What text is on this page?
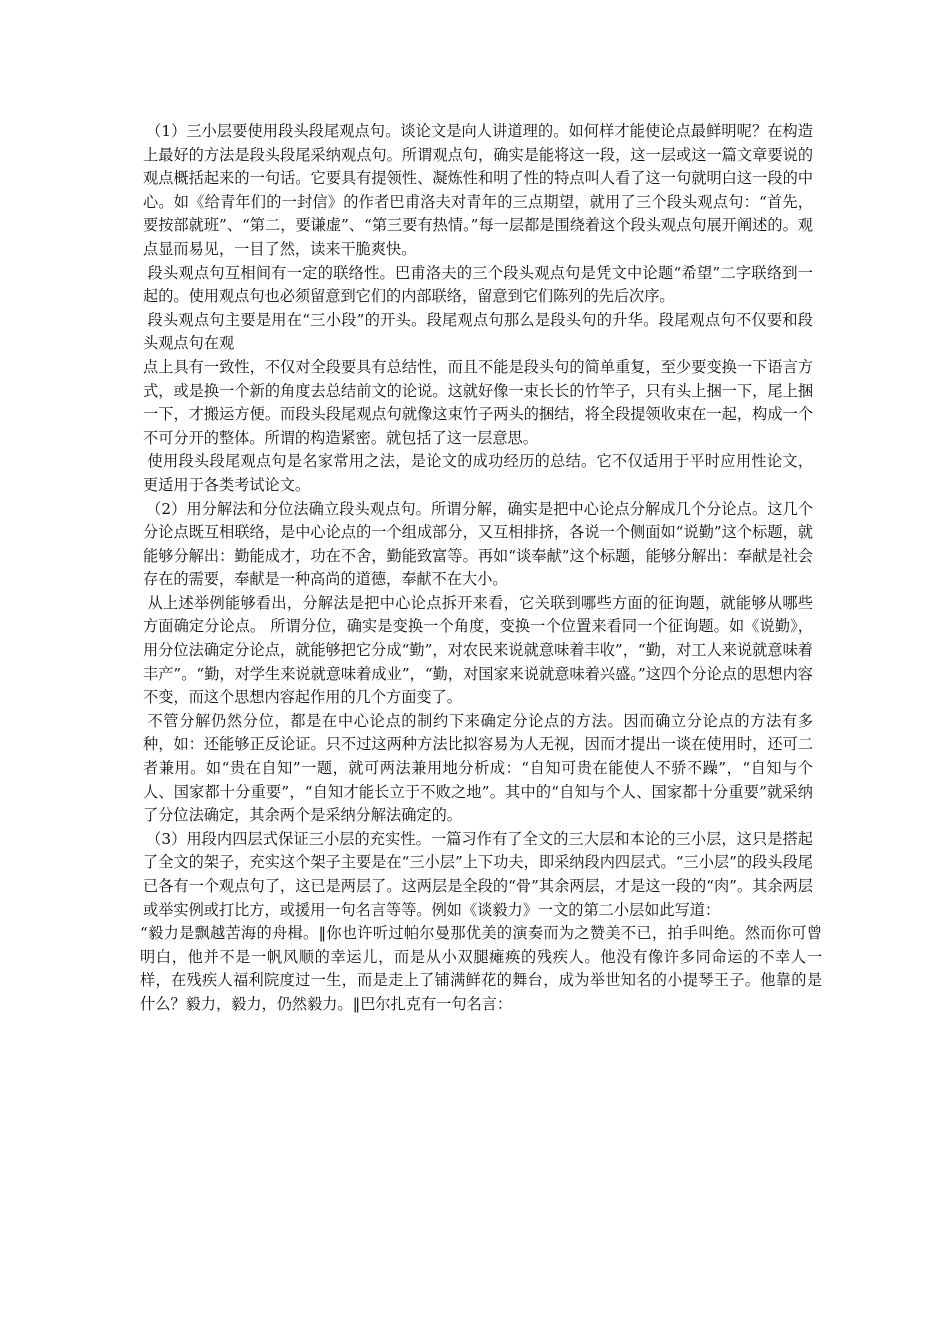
（1）三小层要使用段头段尾观点句。谈论文是向人讲道理的。如何样才能使论点最鲜明呢？在构造上最好的方法是段头段尾采纳观点句。所谓观点句，确实是能将这一段，这一层或这一篇文章要说的观点概括起来的一句话。它要具有提领性、凝炼性和明了性的特点叫人看了这一句就明白这一段的中心。如《给青年们的一封信》的作者巴甫洛夫对青年的三点期望，就用了三个段头观点句：“首先，要按部就班”、“第二，要谦虚”、“第三要有热情。”每一层都是围绕着这个段头观点句展开阐述的。观点显而易见，一目了然，读来干脆爽快。

段头观点句互相间有一定的联络性。巴甫洛夫的三个段头观点句是凭文中论题“希望”二字联络到一起的。使用观点句也必须留意到它们的内部联络，留意到它们陈列的先后次序。

段头观点句主要是用在“三小段”的开头。段尾观点句那么是段头句的升华。段尾观点句不仅要和段头观点句在观

点上具有一致性，不仅对全段要具有总结性，而且不能是段头句的简单重复，至少要变换一下语言方式，或是换一个新的角度去总结前文的论说。这就好像一束长长的竹竿子，只有头上捆一下，尾上捆一下，才搬运方便。而段头段尾观点句就像这束竹子两头的捆结，将全段提领收束在一起，构成一个不可分开的整体。所谓的构造紧密。就包括了这一层意思。

使用段头段尾观点句是名家常用之法，是论文的成功经历的总结。它不仅适用于平时应用性论文，更适用于各类考试论文。

（2）用分解法和分位法确立段头观点句。所谓分解，确实是把中心论点分解成几个分论点。这几个分论点既互相联络，是中心论点的一个组成部分，又互相排挤，各说一个侧面如“说勤”这个标题，就能够分解出：勤能成才，功在不舍，勤能致富等。再如“谈奉献”这个标题，能够分解出：奉献是社会存在的需要，奉献是一种高尚的道德，奉献不在大小。

从上述举例能够看出，分解法是把中心论点拆开来看，它关联到哪些方面的征询题，就能够从哪些方面确定分论点。 所谓分位，确实是变换一个角度，变换一个位置来看同一个征询题。如《说勤》，用分位法确定分论点，就能够把它分成“勤”，对农民来说就意味着丰收”，“勤，对工人来说就意味着丰产”。“勤，对学生来说就意味着成业”，“勤，对国家来说就意味着兴盛。”这四个分论点的思想内容不变，而这个思想内容起作用的几个方面变了。

不管分解仍然分位，都是在中心论点的制约下来确定分论点的方法。因而确立分论点的方法有多种，如：还能够正反论证。只不过这两种方法比拟容易为人无视，因而才提出一谈在使用时，还可二者兼用。如“贵在自知”一题，就可两法兼用地分析成：“自知可贵在能使人不骄不躁”，“自知与个人、国家都十分重要”，“自知才能长立于不败之地”。其中的“自知与个人、国家都十分重要”就采纳了分位法确定，其余两个是采纳分解法确定的。

（3）用段内四层式保证三小层的充实性。一篇习作有了全文的三大层和本论的三小层，这只是搭起了全文的架子，充实这个架子主要是在“三小层”上下功夫，即采纳段内四层式。“三小层”的段头段尾已各有一个观点句了，这已是两层了。这两层是全段的“骨”其余两层，才是这一段的“肉”。其余两层或举实例或打比方，或援用一句名言等等。例如《谈毅力》一文的第二小层如此写道：

“毅力是飘越苦海的舟楫。‖你也许听过帕尔曼那优美的演奏而为之赞美不已，拍手叫绝。然而你可曾明白，他并不是一帆风顺的幸运儿，而是从小双腿瘫痪的残疾人。他没有像许多同命运的不幸人一样，在残疾人福利院度过一生，而是走上了铺满鲜花的舞台，成为举世知名的小提琴王子。他靠的是什么？毅力，毅力，仍然毅力。‖巴尔扎克有一句名言：
